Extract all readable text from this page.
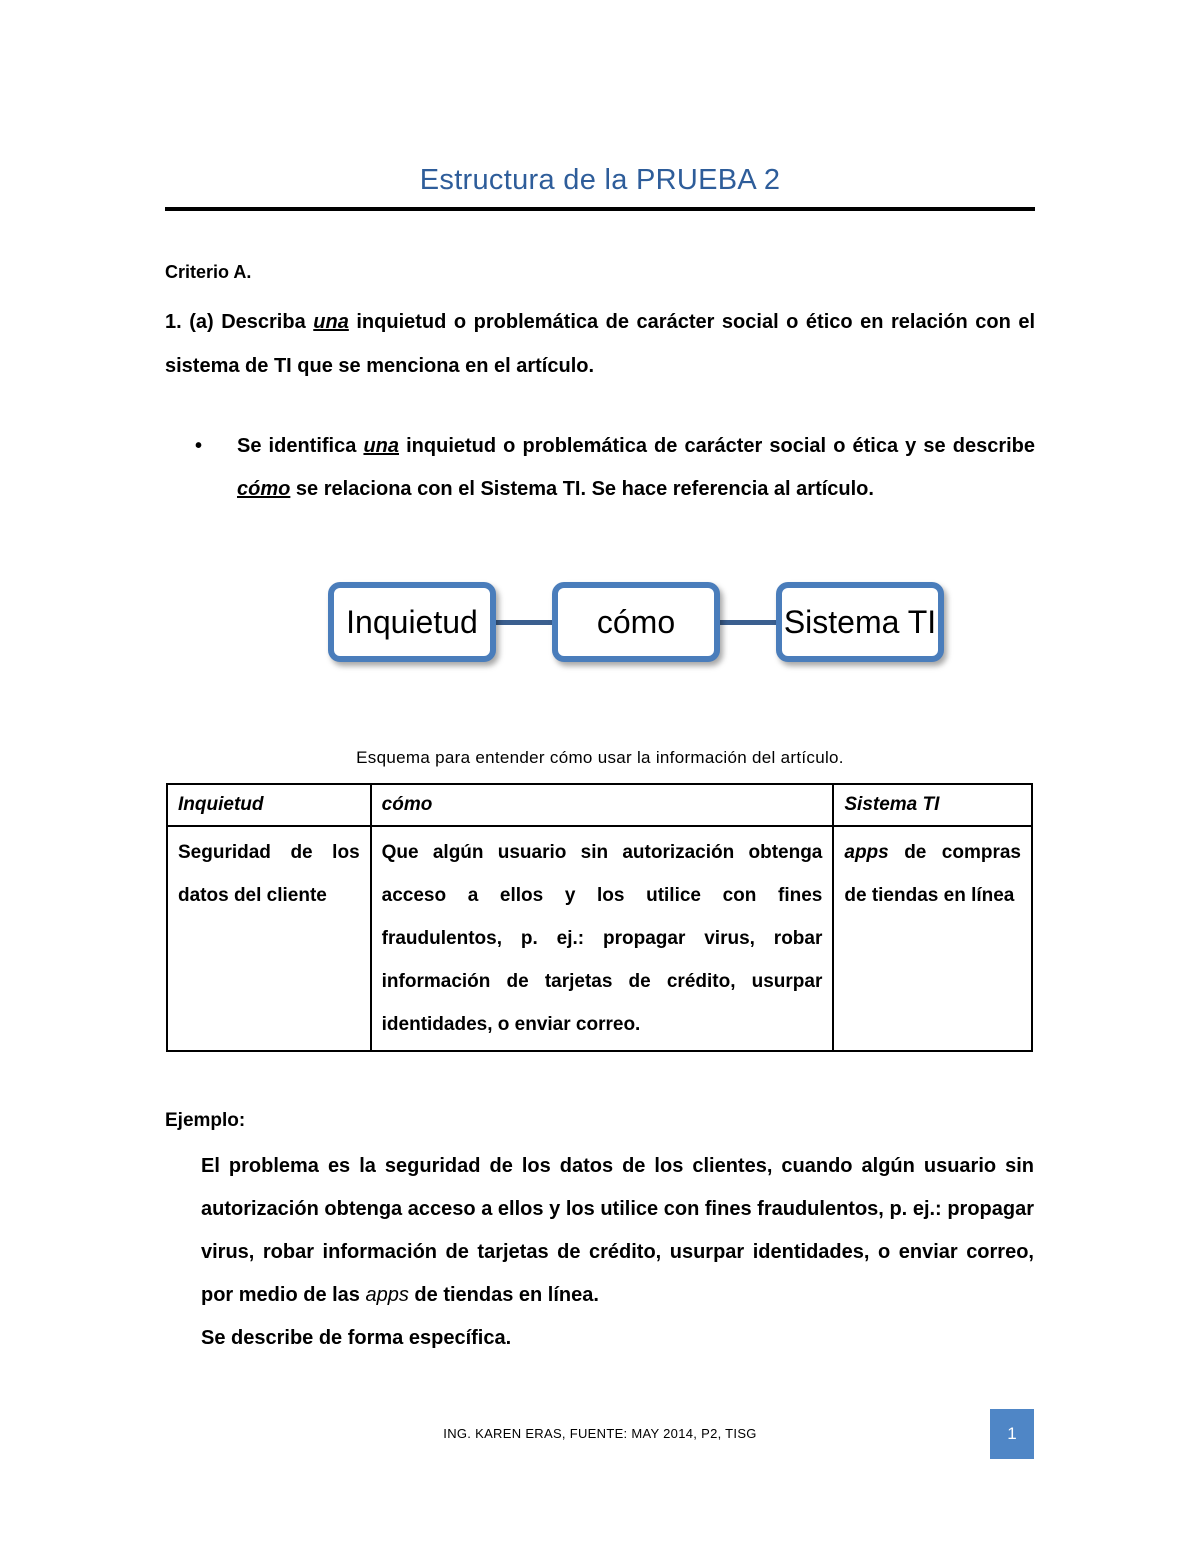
Estructura de la PRUEBA 2
Criterio A.
1. (a) Describa una inquietud o problemática de carácter social o ético en relación con el sistema de TI que se menciona en el artículo.
• Se identifica una inquietud o problemática de carácter social o ética y se describe cómo se relaciona con el Sistema TI. Se hace referencia al artículo.
Inquietud	cómo	Sistema TI
Esquema para entender cómo usar la información del artículo.
Inquietud	cómo	Sistema TI
Seguridad de los datos del cliente	Que algún usuario sin autorización obtenga acceso a ellos y los utilice con fines fraudulentos, p. ej.: propagar virus, robar información de tarjetas de crédito, usurpar identidades, o enviar correo.	apps de compras de tiendas en línea
Ejemplo:
El problema es la seguridad de los datos de los clientes, cuando algún usuario sin autorización obtenga acceso a ellos y los utilice con fines fraudulentos, p. ej.: propagar virus, robar información de tarjetas de crédito, usurpar identidades, o enviar correo, por medio de las apps de tiendas en línea.
Se describe de forma específica.
ING. KAREN ERAS, FUENTE: MAY 2014, P2, TISG	1
